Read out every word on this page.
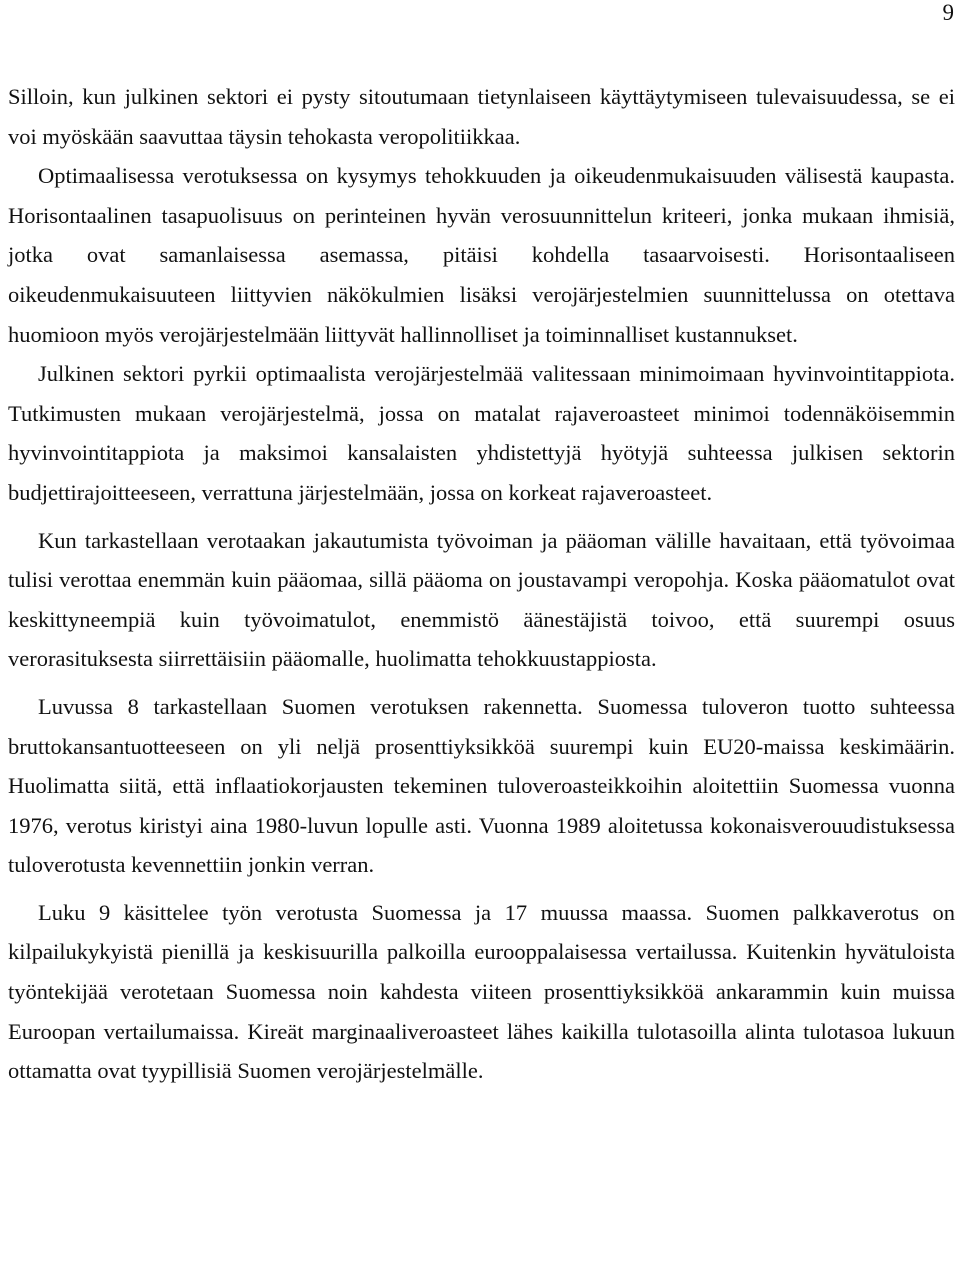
9

Silloin, kun julkinen sektori ei pysty sitoutumaan tietynlaiseen käyttäytymiseen tulevaisuudessa, se ei voi myöskään saavuttaa täysin tehokasta veropolitiikkaa.

Optimaalisessa verotuksessa on kysymys tehokkuuden ja oikeudenmukaisuuden välisestä kaupasta. Horisontaalinen tasapuolisuus on perinteinen hyvän verosuunnittelun kriteeri, jonka mukaan ihmisiä, jotka ovat samanlaisessa asemassa, pitäisi kohdella tasaarvoisesti. Horisontaaliseen oikeudenmukaisuuteen liittyvien näkökulmien lisäksi verojärjestelmien suunnittelussa on otettava huomioon myös verojärjestelmään liittyvät hallinnolliset ja toiminnalliset kustannukset.

Julkinen sektori pyrkii optimaalista verojärjestelmää valitessaan minimoimaan hyvinvointitappiota. Tutkimusten mukaan verojärjestelmä, jossa on matalat rajaveroasteet minimoi todennäköisemmin hyvinvointitappiota ja maksimoi kansalaisten yhdistettyjä hyötyjä suhteessa julkisen sektorin budjettirajoitteeseen, verrattuna järjestelmään, jossa on korkeat rajaveroasteet.

Kun tarkastellaan verotaakan jakautumista työvoiman ja pääoman välille havaitaan, että työvoimaa tulisi verottaa enemmän kuin pääomaa, sillä pääoma on joustavampi veropohja. Koska pääomatulot ovat keskittyneempiä kuin työvoimatulot, enemmistö äänestäjistä toivoo, että suurempi osuus verorasituksesta siirrettäisiin pääomalle, huolimatta tehokkuustappiosta.

Luvussa 8 tarkastellaan Suomen verotuksen rakennetta. Suomessa tuloveron tuotto suhteessa bruttokansantuotteeseen on yli neljä prosenttiyksikköä suurempi kuin EU20-maissa keskimäärin. Huolimatta siitä, että inflaatiokorjausten tekeminen tuloveroasteikkoihin aloitettiin Suomessa vuonna 1976, verotus kiristyi aina 1980-luvun lopulle asti. Vuonna 1989 aloitetussa kokonaisverouudistuksessa tuloverotusta kevennettiin jonkin verran.

Luku 9 käsittelee työn verotusta Suomessa ja 17 muussa maassa. Suomen palkkaverotus on kilpailukykyistä pienillä ja keskisuurilla palkoilla eurooppalaisessa vertailussa. Kuitenkin hyvätuloista työntekijää verotetaan Suomessa noin kahdesta viiteen prosenttiyksikköä ankarammin kuin muissa Euroopan vertailumaissa. Kireät marginaaliveroasteet lähes kaikilla tulotasoilla alinta tulotasoa lukuun ottamatta ovat tyypillisiä Suomen verojärjestelmälle.
